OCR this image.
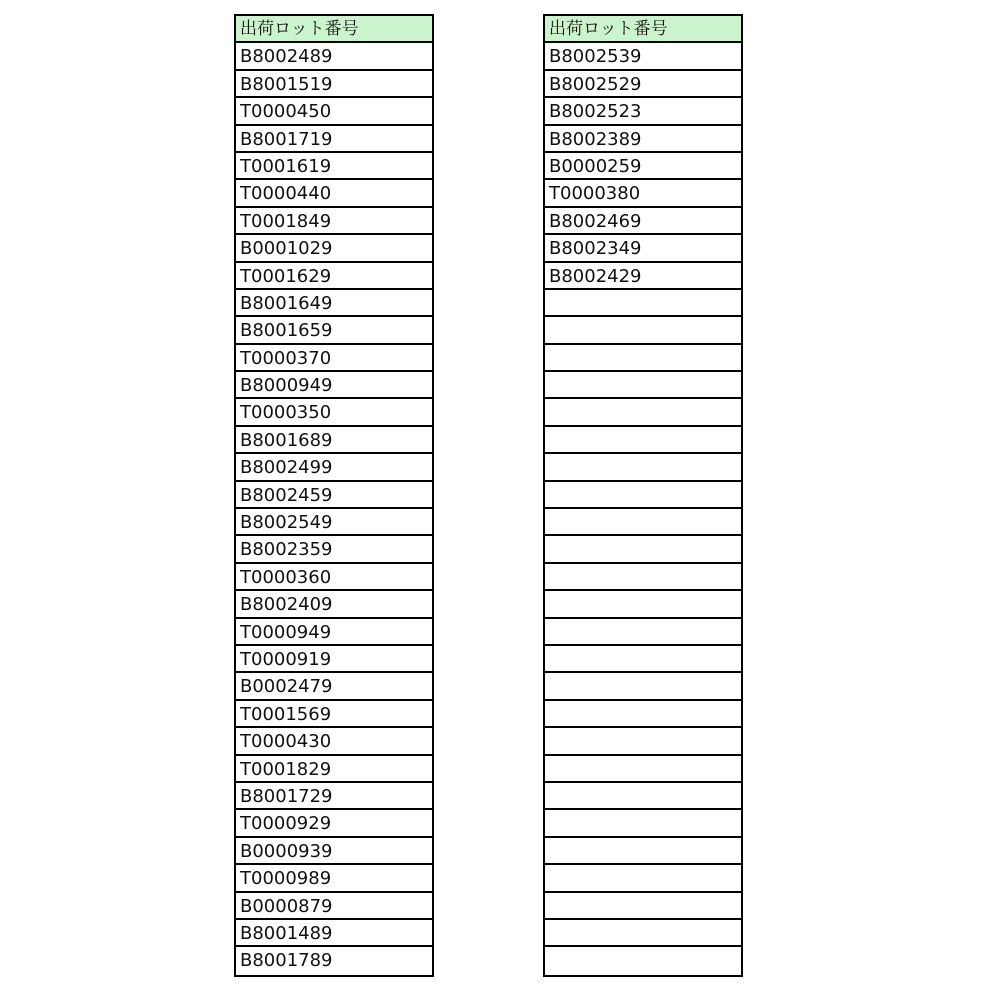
出荷ロット番号
B8002489
B8001519
T0000450
B8001719
T0001619
T0000440
T0001849
B0001029
T0001629
B8001649
B8001659
T0000370
B8000949
T0000350
B8001689
B8002499
B8002459
B8002549
B8002359
T0000360
B8002409
T0000949
T0000919
B0002479
T0001569
T0000430
T0001829
B8001729
T0000929
B0000939
T0000989
B0000879
B8001489
B8001789
出荷ロット番号
B8002539
B8002529
B8002523
B8002389
B0000259
T0000380
B8002469
B8002349
B8002429
